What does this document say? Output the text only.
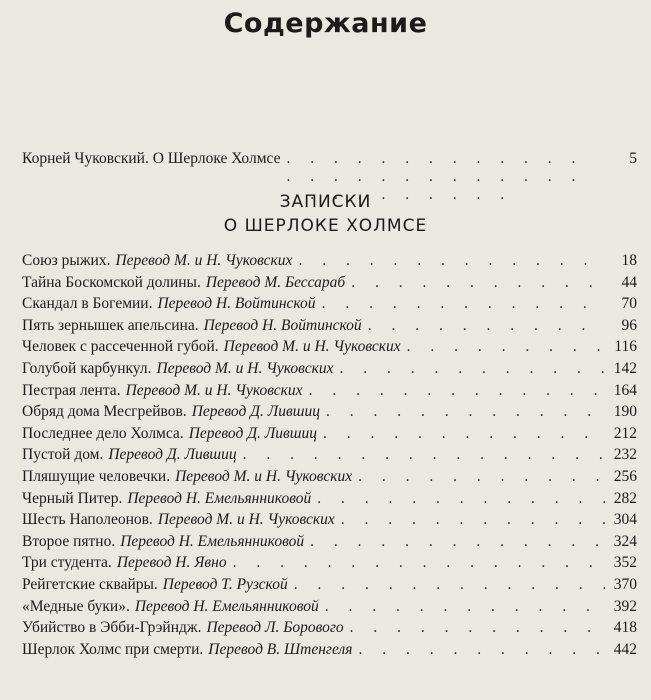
Содержание
Корней Чуковский. О Шерлоке Холмсе . . .	5
ЗАПИСКИ
О ШЕРЛОКЕ ХОЛМСЕ
Союз рыжих. Перевод М. и Н. Чуковских . . .	18
Тайна Боскомской долины. Перевод М. Бессараб . . .	44
Скандал в Богемии. Перевод Н. Войтинской . . .	70
Пять зернышек апельсина. Перевод Н. Войтинской . . .	96
Человек с рассеченной губой. Перевод М. и Н. Чуковских . . .	116
Голубой карбункул. Перевод М. и Н. Чуковских . . .	142
Пестрая лента. Перевод М. и Н. Чуковских . . .	164
Обряд дома Месгрейвов. Перевод Д. Лившиц . . .	190
Последнее дело Холмса. Перевод Д. Лившиц . . .	212
Пустой дом. Перевод Д. Лившиц . . .	232
Пляшущие человечки. Перевод М. и Н. Чуковских . . .	256
Черный Питер. Перевод Н. Емельянниковой . . .	282
Шесть Наполеонов. Перевод М. и Н. Чуковских . . .	304
Второе пятно. Перевод Н. Емельянниковой . . .	324
Три студента. Перевод Н. Явно . . .	352
Рейгетские сквайры. Перевод Т. Рузской . . .	370
«Медные буки». Перевод Н. Емельянниковой . . .	392
Убийство в Эбби-Грэйндж. Перевод Л. Борового . . .	418
Шерлок Холмс при смерти. Перевод В. Штенгеля . . .	442
